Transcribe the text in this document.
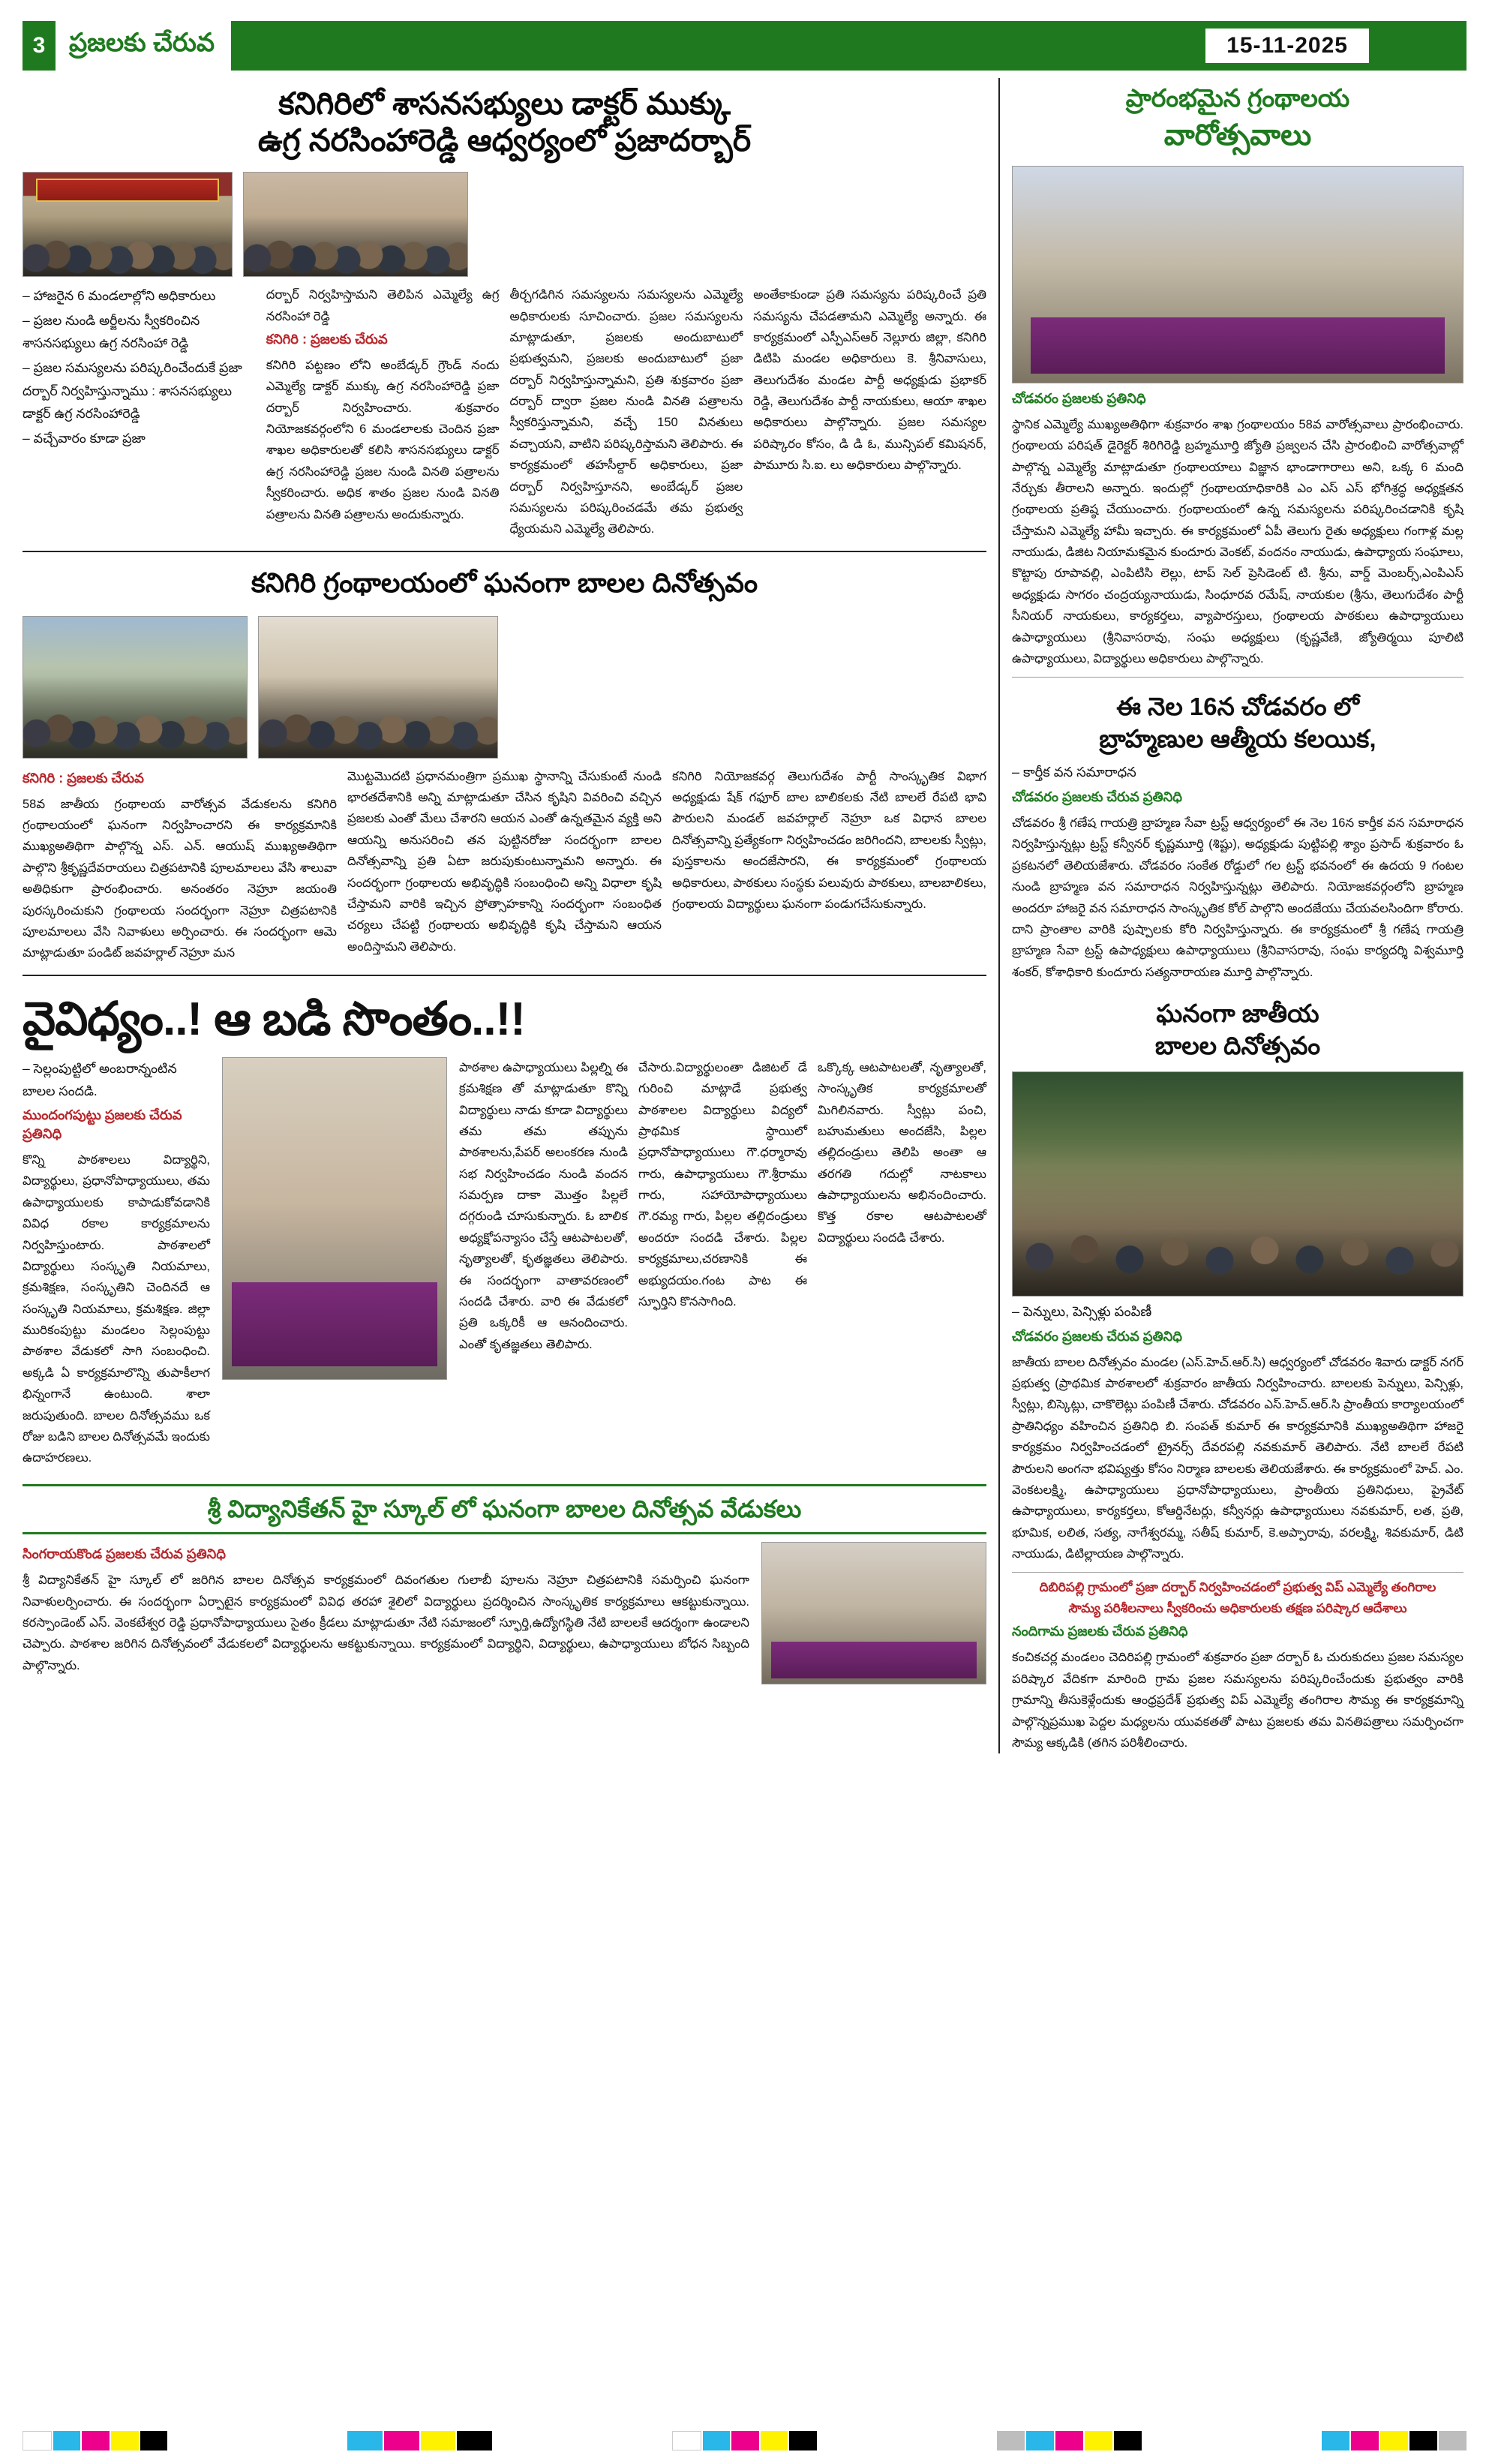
3 ప్రజలకు చేరువ	15-11-2025
కనిగిరిలో శాసనసభ్యులు డాక్టర్ ముక్కు
ఉగ్ర నరసింహారెడ్డి ఆధ్వర్యంలో ప్రజాదర్బార్
– హాజరైన 6 మండలాల్లోని అధికారులు
– ప్రజల నుండి అర్జీలను స్వీకరించిన శాసనసభ్యులు ఉగ్ర నరసింహా రెడ్డి
– ప్రజల సమస్యలను పరిష్కరించేందుకే ప్రజా దర్బార్ నిర్వహిస్తున్నాము : శాసనసభ్యులు డాక్టర్ ఉగ్ర నరసింహారెడ్డి
– వచ్చేవారం కూడా ప్రజా
దర్బార్ నిర్వహిస్తామని తెలిపిన ఎమ్మెల్యే ఉగ్ర నరసింహా రెడ్డి
కనిగిరి : ప్రజలకు చేరువ
కనిగిరి పట్టణం లోని అంబేడ్కర్ గ్రౌండ్ నందు ఎమ్మెల్యే డాక్టర్ ముక్కు ఉగ్ర నరసింహారెడ్డి ప్రజా దర్బార్ నిర్వహించారు. శుక్రవారం నియోజకవర్గంలోని 6 మండలాలకు చెందిన ప్రజా శాఖల అధికారులతో కలిసి శాసనసభ్యులు డాక్టర్ ఉగ్ర నరసింహారెడ్డి ప్రజల నుండి వినతి పత్రాలను స్వీకరించారు. అధిక శాతం ప్రజల నుండి వినతి పత్రాలను వినతి పత్రాలను అందుకున్నారు.
తీర్చగడిగిన సమస్యలను సమస్యలను ఎమ్మెల్యే అధికారులకు సూచించారు. ప్రజల సమస్యలను మాట్లాడుతూ, ప్రజలకు అందుబాటులో ప్రభుత్వమని, ప్రజలకు అందుబాటులో ప్రజా దర్బార్ నిర్వహిస్తున్నామని, ప్రతి శుక్రవారం ప్రజా దర్బార్ ద్వారా ప్రజల నుండి వినతి పత్రాలను స్వీకరిస్తున్నామని, వచ్చే 150 వినతులు వచ్చాయని, వాటిని పరిష్కరిస్తామని తెలిపారు. ఈ కార్యక్రమంలో తహసీల్దార్ అధికారులు, ప్రజా దర్బార్ నిర్వహిస్తూనని, అంబేడ్కర్ ప్రజల సమస్యలను పరిష్కరించడమే తమ ప్రభుత్వ ధ్యేయమని ఎమ్మెల్యే తెలిపారు.
అంతేకాకుండా ప్రతి సమస్యను పరిష్కరించే ప్రతి సమస్యను చేపడతామని ఎమ్మెల్యే అన్నారు. ఈ కార్యక్రమంలో ఎస్పీఎస్ఆర్ నెల్లూరు జిల్లా, కనిగిరి డిటిపి మండల అధికారులు కె. శ్రీనివాసులు, తెలుగుదేశం మండల పార్టీ అధ్యక్షుడు ప్రభాకర్ రెడ్డి, తెలుగుదేశం పార్టీ నాయకులు, ఆయా శాఖల అధికారులు పాల్గొన్నారు. ప్రజల సమస్యల పరిష్కారం కోసం, డి డి ఓ, మున్సిపల్ కమిషనర్, పామూరు సి.ఐ. లు అధికారులు పాల్గొన్నారు.
కనిగిరి గ్రంథాలయంలో ఘనంగా బాలల దినోత్సవం
కనిగిరి : ప్రజలకు చేరువ
58వ జాతీయ గ్రంథాలయ వారోత్సవ వేడుకలను కనిగిరి గ్రంథాలయంలో ఘనంగా నిర్వహించారని ఈ కార్యక్రమానికి ముఖ్యఅతిథిగా పాల్గొన్న ఎస్. ఎన్. ఆయుష్ ముఖ్యఅతిథిగా పాల్గొని శ్రీకృష్ణదేవరాయలు చిత్రపటానికి పూలమాలలు వేసి శాలువా అతిధికుగా ప్రారంభించారు. అనంతరం నెహ్రూ జయంతి పురస్కరించుకుని గ్రంథాలయ సందర్భంగా నెహ్రూ చిత్రపటానికి పూలమాలలు వేసి నివాళులు అర్పించారు. ఈ సందర్భంగా ఆమె మాట్లాడుతూ పండిట్ జవహర్లాల్ నెహ్రూ మన
మొట్టమొదటి ప్రధానమంత్రిగా ప్రముఖ స్థానాన్ని చేసుకుంటే నుండి భారతదేశానికి అన్ని మాట్లాడుతూ చేసిన కృషిని వివరించి వచ్చిన ప్రజలకు ఎంతో మేలు చేశారని ఆయన ఎంతో ఉన్నతమైన వ్యక్తి అని ఆయన్ని అనుసరించి తన పుట్టినరోజు సందర్భంగా బాలల దినోత్సవాన్ని ప్రతి ఏటా జరుపుకుంటున్నామని అన్నారు. ఈ సందర్భంగా గ్రంథాలయ అభివృద్ధికి సంబంధించి అన్ని విధాలా కృషి చేస్తామని వారికి ఇచ్చిన ప్రోత్సాహకాన్ని సందర్భంగా సంబంధిత చర్యలు చేపట్టి గ్రంథాలయ అభివృద్ధికి కృషి చేస్తామని ఆయన అందిస్తామని తెలిపారు.
కనిగిరి నియోజకవర్గ తెలుగుదేశం పార్టీ సాంస్కృతిక విభాగ అధ్యక్షుడు షేక్ గఫూర్ బాల బాలికలకు నేటి బాలలే రేపటి భావి పౌరులని మండల్ జవహర్లాల్ నెహ్రూ ఒక విధాన బాలల దినోత్సవాన్ని ప్రత్యేకంగా నిర్వహించడం జరిగిందని, బాలలకు స్వీట్లు, పుస్తకాలను అందజేసారని, ఈ కార్యక్రమంలో గ్రంథాలయ అధికారులు, పాఠకులు సంస్థకు పలువురు పాఠకులు, బాలబాలికలు, గ్రంథాలయ విద్యార్థులు ఘనంగా పండుగచేసుకున్నారు.
వైవిధ్యం..! ఆ బడి సొంతం..!!
– సెల్లంపుట్టిలో అంబరాన్నంటిన బాలల సందడి.
ముందంగపుట్టు ప్రజలకు చేరువ ప్రతినిధి
కొన్ని పాఠశాలలు విద్యార్థిని, విద్యార్థులు, ప్రధానోపాధ్యాయులు, తమ ఉపాధ్యాయులకు కాపాడుకోవడానికి వివిధ రకాల కార్యక్రమాలను నిర్వహిస్తుంటారు. పాఠశాలలో విద్యార్థులు సంస్కృతి నియమాలు, క్రమశిక్షణ, సంస్కృతిని చెందినదే ఆ సంస్కృతి నియమాలు, క్రమశిక్షణ. జిల్లా మురికంపుట్టు మండలం సెల్లంపుట్టు పాఠశాల వేడుకలో సాగి సంబంధించి. అక్కడి ఏ కార్యక్రమాలొన్ని తుపాకీలాగ భిన్నంగానే ఉంటుంది. శాలా జరుపుతుంది. బాలల దినోత్సవము ఒక రోజు బడిని బాలల దినోత్సవమే ఇందుకు ఉదాహరణలు.
పాఠశాల ఉపాధ్యాయులు పిల్లల్ని ఈ క్రమశిక్షణ తో మాట్లాడుతూ కొన్ని విద్యార్థులు నాడు కూడా విద్యార్థులు తమ తమ తప్పును పాఠశాలను,పేపర్ అలంకరణ నుండి సభ నిర్వహించడం నుండి వందన సమర్పణ దాకా మొత్తం పిల్లలే దగ్గరుండి చూసుకున్నారు. ఓ బాలిక అధ్యక్షోపన్యాసం చేస్తే ఆటపాటలతో, నృత్యాలతో, కృతజ్ఞతలు తెలిపారు. ఈ సందర్భంగా వాతావరణంలో సందడి చేశారు. వారి ఈ వేడుకలో ప్రతి ఒక్కరికీ ఆ ఆనందించారు. ఎంతో కృతజ్ఞతలు తెలిపారు.
చేసారు.విద్యార్థులంతా డిజిటల్ డే గురించి మాట్లాడే ప్రభుత్వ పాఠశాలల విద్యార్థులు విద్యలో ప్రాథమిక స్థాయిలో ప్రధానోపాధ్యాయులు గౌ.ధర్మారావు గారు, ఉపాధ్యాయులు గౌ.శ్రీరాము గారు, సహాయోపాధ్యాయులు గౌ.రమ్య గారు, పిల్లల తల్లిదండ్రులు అందరూ సందడి చేశారు. పిల్లల కార్యక్రమాలు,చరణానికి ఈ అభ్యుదయం.గంట పాట ఈ స్ఫూర్తిని కొనసాగింది.
ఒక్కొక్క ఆటపాటలతో, నృత్యాలతో, సాంస్కృతిక కార్యక్రమాలతో మిగిలినవారు. స్వీట్లు పంచి, బహుమతులు అందజేసి, పిల్లల తల్లిదండ్రులు తెలిపి అంతా ఆ తరగతి గదుల్లో నాటకాలు ఉపాధ్యాయులను అభినందించారు. కొత్త రకాల ఆటపాటలతో విద్యార్థులు సందడి చేశారు.
శ్రీ విద్యానికేతన్ హై స్కూల్ లో ఘనంగా బాలల దినోత్సవ వేడుకలు
సింగరాయకొండ ప్రజలకు చేరువ ప్రతినిధి
శ్రీ విద్యానికేతన్ హై స్కూల్ లో జరిగిన బాలల దినోత్సవ కార్యక్రమంలో దివంగతుల గులాబీ పూలను నెహ్రూ చిత్రపటానికి సమర్పించి ఘనంగా నివాళులర్పించారు. ఈ సందర్భంగా ఏర్పాటైన కార్యక్రమంలో వివిధ తరహా శైలిలో విద్యార్థులు ప్రదర్శించిన సాంస్కృతిక కార్యక్రమాలు ఆకట్టుకున్నాయి. కరస్పాండెంట్ ఎస్. వెంకటేశ్వర రెడ్డి ప్రధానోపాధ్యాయులు సైతం క్రీడలు మాట్లాడుతూ నేటి సమాజంలో స్ఫూర్తి,ఉద్యోగస్థితి నేటి బాలలకే ఆదర్శంగా ఉండాలని చెప్పారు. పాఠశాల జరిగిన దినోత్సవంలో వేడుకలలో విద్యార్థులను ఆకట్టుకున్నాయి. కార్యక్రమంలో విద్యార్థిని, విద్యార్థులు, ఉపాధ్యాయులు బోధన సిబ్బంది పాల్గొన్నారు.
ప్రారంభమైన గ్రంథాలయ
వారోత్సవాలు
చోడవరం ప్రజలకు ప్రతినిధి
స్థానిక ఎమ్మెల్యే ముఖ్యఅతిథిగా శుక్రవారం శాఖ గ్రంథాలయం 58వ వారోత్సవాలు ప్రారంభించారు. గ్రంథాలయ పరిషత్ డైరెక్టర్ శిరిగిరెడ్డి బ్రహ్మమూర్తి జ్యోతి ప్రజ్వలన చేసి ప్రారంభించి వారోత్సవాల్లో పాల్గొన్న ఎమ్మెల్యే మాట్లాడుతూ గ్రంథాలయాలు విజ్ఞాన భాండాగారాలు అని, ఒక్క 6 మంది నేర్చుకు తీరాలని అన్నారు. ఇందుల్లో గ్రంథాలయాధికారికి ఎం ఎస్ ఎస్ భోగిశ్రద్ధ అధ్యక్షతన గ్రంథాలయ ప్రతిష్ఠ చేయుంచారు. గ్రంథాలయంలో ఉన్న సమస్యలను పరిష్కరించడానికి కృషి చేస్తామని ఎమ్మెల్యే హామీ ఇచ్చారు. ఈ కార్యక్రమంలో ఏపీ తెలుగు రైతు అధ్యక్షులు గంగాళ్ల మల్ల నాయుడు, డిజిట నియామకమైన కుందూరు వెంకట్, వందనం నాయుడు, ఉపాధ్యాయ సంఘాలు, కొట్టాపు రూపావల్లి, ఎంపిటిసి లెల్లు, టాప్ సెల్ ప్రెసిడెంట్ టి. శ్రీను, వార్డ్ మెంబర్స్,ఎంపిఎస్ అధ్యక్షుడు సాగరం చంద్రయ్యనాయుడు, సింధూరవ రమేష్, నాయకుల (శ్రీను, తెలుగుదేశం పార్టీ సీనియర్ నాయకులు, కార్యకర్తలు, వ్యాపారస్తులు, గ్రంథాలయ పాఠకులు ఉపాధ్యాయులు ఉపాధ్యాయులు (శ్రీనివాసరావు, సంఘ అధ్యక్షులు (కృష్ణవేణి, జ్యోతిర్మయి పూలిటి ఉపాధ్యాయులు, విద్యార్థులు అధికారులు పాల్గొన్నారు.
ఈ నెల 16న చోడవరం లో
బ్రాహ్మణుల ఆత్మీయ కలయిక,
– కార్తీక వన సమారాధన
చోడవరం ప్రజలకు చేరువ ప్రతినిధి
చోడవరం శ్రీ గణేష గాయత్రి బ్రాహ్మణ సేవా ట్రస్ట్ ఆధ్వర్యంలో ఈ నెల 16న కార్తీక వన సమారాధన నిర్వహిస్తున్నట్లు ట్రస్ట్ కన్వీనర్ కృష్ణమూర్తి (శిష్టు), అధ్యక్షుడు పుట్టిపల్లి శ్యాం ప్రసాద్ శుక్రవారం ఓ ప్రకటనలో తెలియజేశారు. చోడవరం సంకేత రోడ్డులో గల ట్రస్ట్ భవనంలో ఈ ఉదయ 9 గంటల నుండి బ్రాహ్మణ వన సమారాధన నిర్వహిస్తున్నట్లు తెలిపారు. నియోజకవర్గంలోని బ్రాహ్మణ అందరూ హాజరై వన సమారాధన సాంస్కృతిక కోల్ పాల్గొని అందజేయు చేయవలసిందిగా కోరారు. దాని ప్రాంతాల వారికి పుష్పాలకు కోరి నిర్వహిస్తున్నారు. ఈ కార్యక్రమంలో శ్రీ గణేష గాయత్రి బ్రాహ్మణ సేవా ట్రస్ట్ ఉపాధ్యక్షులు ఉపాధ్యాయులు (శ్రీనివాసరావు, సంఘ కార్యదర్శి విశ్వమూర్తి శంకర్, కోశాధికారి కుందూరు సత్యనారాయణ మూర్తి పాల్గొన్నారు.
ఘనంగా జాతీయ
బాలల దినోత్సవం
– పెన్నులు, పెన్సిళ్లు పంపిణీ
చోడవరం ప్రజలకు చేరువ ప్రతినిధి
జాతీయ బాలల దినోత్సవం మండల (ఎస్.హెచ్.ఆర్.సి) ఆధ్వర్యంలో చోడవరం శివారు డాక్టర్ నగర్ ప్రభుత్వ (ప్రాథమిక పాఠశాలలో శుక్రవారం జాతీయ నిర్వహించారు. బాలలకు పెన్నులు, పెన్సిళ్లు, స్వీట్లు, బిస్కెట్లు, చాకొలెట్లు పంపిణీ చేశారు. చోడవరం ఎస్.హెచ్.ఆర్.సి ప్రాంతీయ కార్యాలయంలో ప్రాతినిధ్యం వహించిన ప్రతినిధి బి. సంపత్ కుమార్ ఈ కార్యక్రమానికి ముఖ్యఅతిథిగా హాజరై కార్యక్రమం నిర్వహించడంలో ట్రైనర్స్ దేవరపల్లి నవకుమార్ తెలిపారు. నేటి బాలలే రేపటి పౌరులని అంగనా భవిష్యత్తు కోసం నిర్మాణ బాలలకు తెలియజేశారు. ఈ కార్యక్రమంలో హెచ్. ఎం. వెంకటలక్ష్మి, ఉపాధ్యాయులు ప్రధానోపాధ్యాయులు, ప్రాంతీయ ప్రతినిధులు, ప్రైవేట్ ఉపాధ్యాయులు, కార్యకర్తలు, కోఆర్డినేటర్లు, కన్వీనర్లు ఉపాధ్యాయులు నవకుమార్, లత, ప్రతి, భూమిక, లలిత, సత్య, నాగేశ్వరమ్మ, సతీష్ కుమార్, కె.అప్పారావు, వరలక్ష్మి, శివకుమార్, డిటి నాయుడు, డిటిల్లాయణ పాల్గొన్నారు.
దిబిరిపల్లి గ్రామంలో ప్రజా దర్బార్ నిర్వహించడంలో ప్రభుత్వ విప్ ఎమ్మెల్యే తంగిరాల
సౌమ్య పరిశీలనాలు స్వీకరించు అధికారులకు తక్షణ పరిష్కార ఆదేశాలు
నందిగామ ప్రజలకు చేరువ ప్రతినిధి
కంచికచర్ల మండలం చెదిరిపల్లి గ్రామంలో శుక్రవారం ప్రజా దర్బార్ ఓ చురుకుదలు ప్రజల సమస్యల పరిష్కార వేదికగా మారింది గ్రామ ప్రజల సమస్యలను పరిష్కరించేందుకు ప్రభుత్వం వారికి గ్రామాన్ని తీసుకెళ్లేందుకు ఆంధ్రప్రదేశ్ ప్రభుత్వ విప్ ఎమ్మెల్యే తంగిరాల సౌమ్య ఈ కార్యక్రమాన్ని పాల్గొన్నప్రముఖ పెద్దల మధ్యలను యువకతతో పాటు ప్రజలకు తమ వినతిపత్రాలు సమర్పించగా సౌమ్య ఆక్కడికి (తగిన పరిశీలించారు.
